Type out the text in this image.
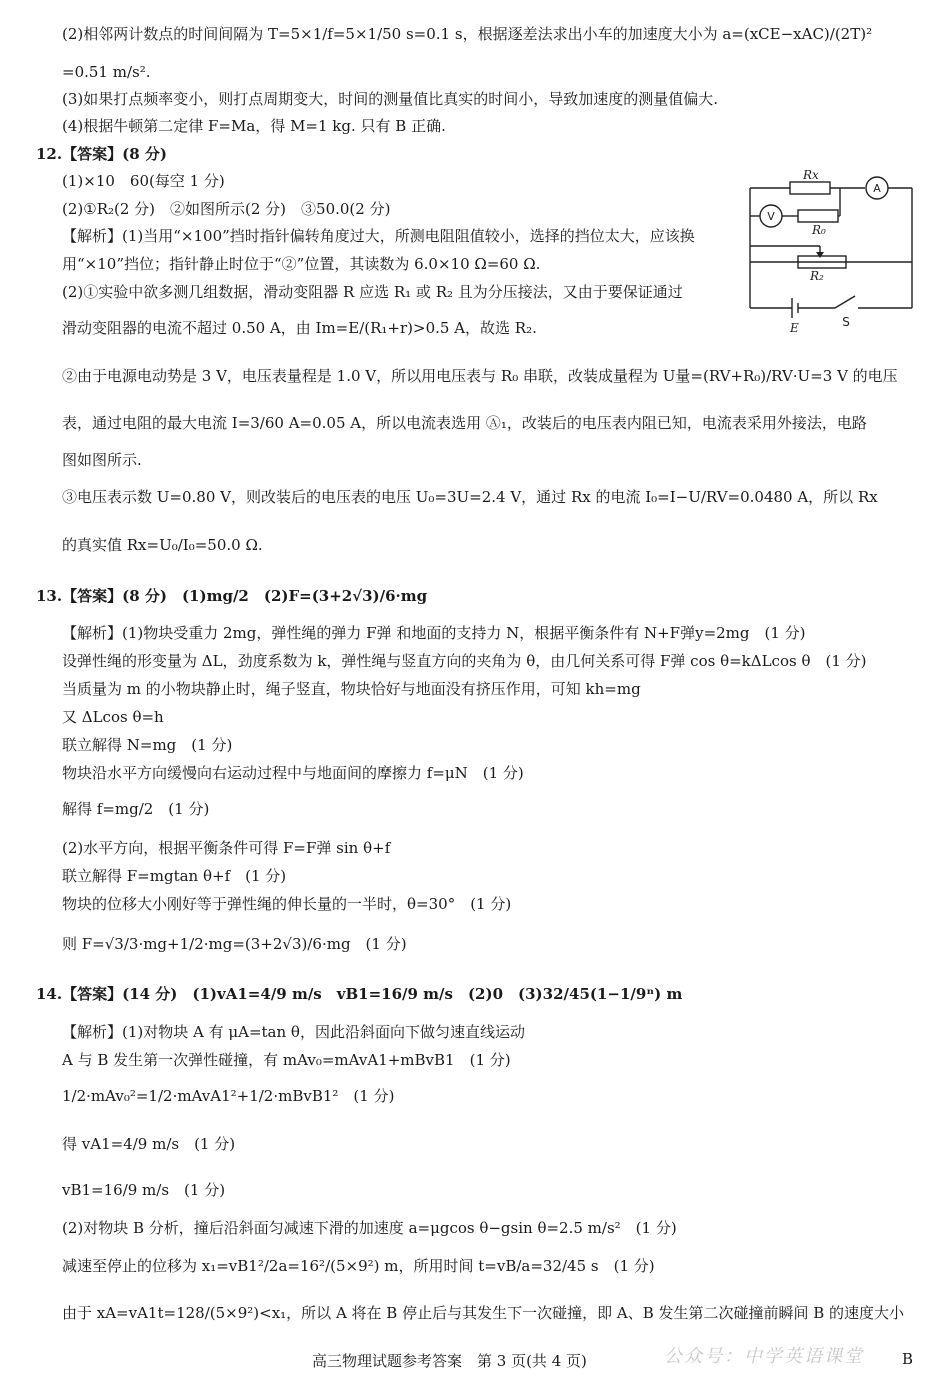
(2)相邻两计数点的时间间隔为 T=5×1/f=5×1/50 s=0.1 s，根据逐差法求出小车的加速度大小为 a=(xCE−xAC)/(2T)²
=0.51 m/s².
(3)如果打点频率变小，则打点周期变大，时间的测量值比真实的时间小，导致加速度的测量值偏大.
(4)根据牛顿第二定律 F=Ma，得 M=1 kg. 只有 B 正确.
12.【答案】(8 分)
(1)×10　60(每空 1 分)
(2)①R₂(2 分)　②如图所示(2 分)　③50.0(2 分)
【解析】(1)当用“×100”挡时指针偏转角度过大，所测电阻阻值较小，选择的挡位太大，应该换
用“×10”挡位；指针静止时位于“②”位置，其读数为 6.0×10 Ω=60 Ω.
(2)①实验中欲多测几组数据，滑动变阻器 R 应选 R₁ 或 R₂ 且为分压接法，又由于要保证通过
滑动变阻器的电流不超过 0.50 A，由 Im=E/(R₁+r)>0.5 A，故选 R₂.
②由于电源电动势是 3 V，电压表量程是 1.0 V，所以用电压表与 R₀ 串联，改装成量程为 U量=(RV+R₀)/RV·U=3 V 的电压
表，通过电阻的最大电流 I=3/60 A=0.05 A，所以电流表选用 Ⓐ₁，改装后的电压表内阻已知，电流表采用外接法，电路
图如图所示.
③电压表示数 U=0.80 V，则改装后的电压表的电压 U₀=3U=2.4 V，通过 Rx 的电流 I₀=I−U/RV=0.0480 A，所以 Rx
的真实值 Rx=U₀/I₀=50.0 Ω.
13.【答案】(8 分)　(1)mg/2　(2)F=(3+2√3)/6·mg
【解析】(1)物块受重力 2mg，弹性绳的弹力 F弹 和地面的支持力 N，根据平衡条件有 N+F弹y=2mg　(1 分)
设弹性绳的形变量为 ΔL，劲度系数为 k，弹性绳与竖直方向的夹角为 θ，由几何关系可得 F弹 cos θ=kΔLcos θ　(1 分)
当质量为 m 的小物块静止时，绳子竖直，物块恰好与地面没有挤压作用，可知 kh=mg
又 ΔLcos θ=h
联立解得 N=mg　(1 分)
物块沿水平方向缓慢向右运动过程中与地面间的摩擦力 f=μN　(1 分)
解得 f=mg/2　(1 分)
(2)水平方向，根据平衡条件可得 F=F弹 sin θ+f
联立解得 F=mgtan θ+f　(1 分)
物块的位移大小刚好等于弹性绳的伸长量的一半时，θ=30°　(1 分)
则 F=√3/3·mg+1/2·mg=(3+2√3)/6·mg　(1 分)
14.【答案】(14 分)　(1)vA1=4/9 m/s　vB1=16/9 m/s　(2)0　(3)32/45(1−1/9ⁿ) m
【解析】(1)对物块 A 有 μA=tan θ，因此沿斜面向下做匀速直线运动
A 与 B 发生第一次弹性碰撞，有 mAv₀=mAvA1+mBvB1　(1 分)
1/2·mAv₀²=1/2·mAvA1²+1/2·mBvB1²　(1 分)
得 vA1=4/9 m/s　(1 分)
vB1=16/9 m/s　(1 分)
(2)对物块 B 分析，撞后沿斜面匀减速下滑的加速度 a=μgcos θ−gsin θ=2.5 m/s²　(1 分)
减速至停止的位移为 x₁=vB1²/2a=16²/(5×9²) m，所用时间 t=vB/a=32/45 s　(1 分)
由于 xA=vA1t=128/(5×9²)<x₁，所以 A 将在 B 停止后与其发生下一次碰撞，即 A、B 发生第二次碰撞前瞬间 B 的速度大小
Rx
R₀
R₂
E
A
V
S
高三物理试题参考答案　第 3 页(共 4 页)	公众号：中学英语课堂	B
